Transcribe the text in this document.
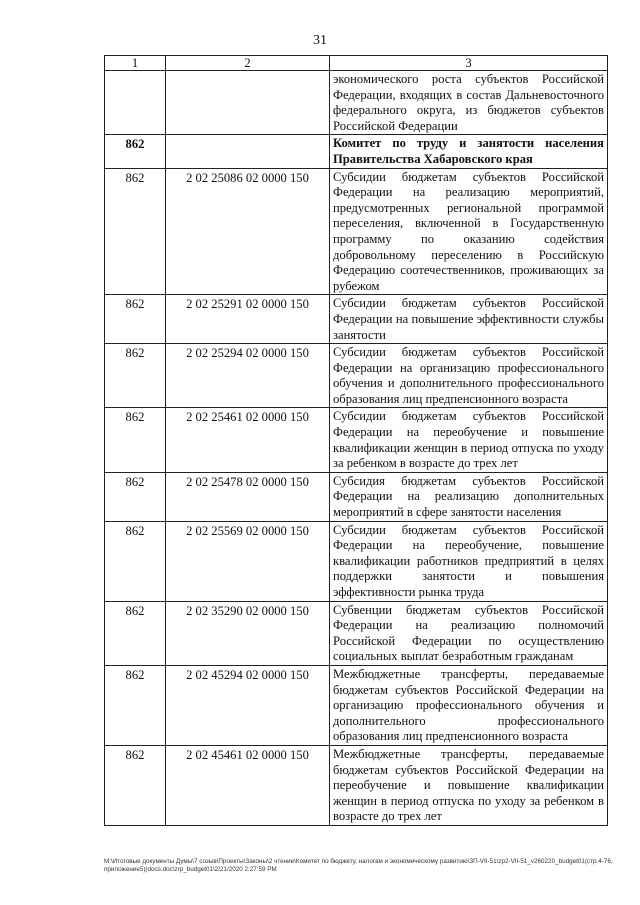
31
1	2	3
		экономического роста субъектов Российской Федерации, входящих в состав Дальневосточного федерального округа, из бюджетов субъектов Российской Федерации
862		Комитет по труду и занятости населения Правительства Хабаровского края
862	2 02 25086 02 0000 150	Субсидии бюджетам субъектов Российской Федерации на реализацию мероприятий, предусмотренных региональной программой переселения, включенной в Государственную программу по оказанию содействия добровольному переселению в Российскую Федерацию соотечественников, проживающих за рубежом
862	2 02 25291 02 0000 150	Субсидии бюджетам субъектов Российской Федерации на повышение эффективности службы занятости
862	2 02 25294 02 0000 150	Субсидии бюджетам субъектов Российской Федерации на организацию профессионального обучения и дополнительного профессионального образования лиц предпенсионного возраста
862	2 02 25461 02 0000 150	Субсидии бюджетам субъектов Российской Федерации на переобучение и повышение квалификации женщин в период отпуска по уходу за ребенком в возрасте до трех лет
862	2 02 25478 02 0000 150	Субсидия бюджетам субъектов Российской Федерации на реализацию дополнительных мероприятий в сфере занятости населения
862	2 02 25569 02 0000 150	Субсидии бюджетам субъектов Российской Федерации на переобучение, повышение квалификации работников предприятий в целях поддержки занятости и повышения эффективности рынка труда
862	2 02 35290 02 0000 150	Субвенции бюджетам субъектов Российской Федерации на реализацию полномочий Российской Федерации по осуществлению социальных выплат безработным гражданам
862	2 02 45294 02 0000 150	Межбюджетные трансферты, передаваемые бюджетам субъектов Российской Федерации на организацию профессионального обучения и дополнительного профессионального образования лиц предпенсионного возраста
862	2 02 45461 02 0000 150	Межбюджетные трансферты, передаваемые бюджетам субъектов Российской Федерации на переобучение и повышение квалификации женщин в период отпуска по уходу за ребенком в возрасте до трех лет
M:\Итоговые документы Думы\7 созыв\Проекты\Законы\2 чтение\Комитет по бюджету, налогам и экономическому развитию\ЗП-VII-51\zp2-VII-51_v260220_budget01(стр.4-76, приложение5)(docs.doc\zrp_budget01\2/21/2020 2:27:59 PM
